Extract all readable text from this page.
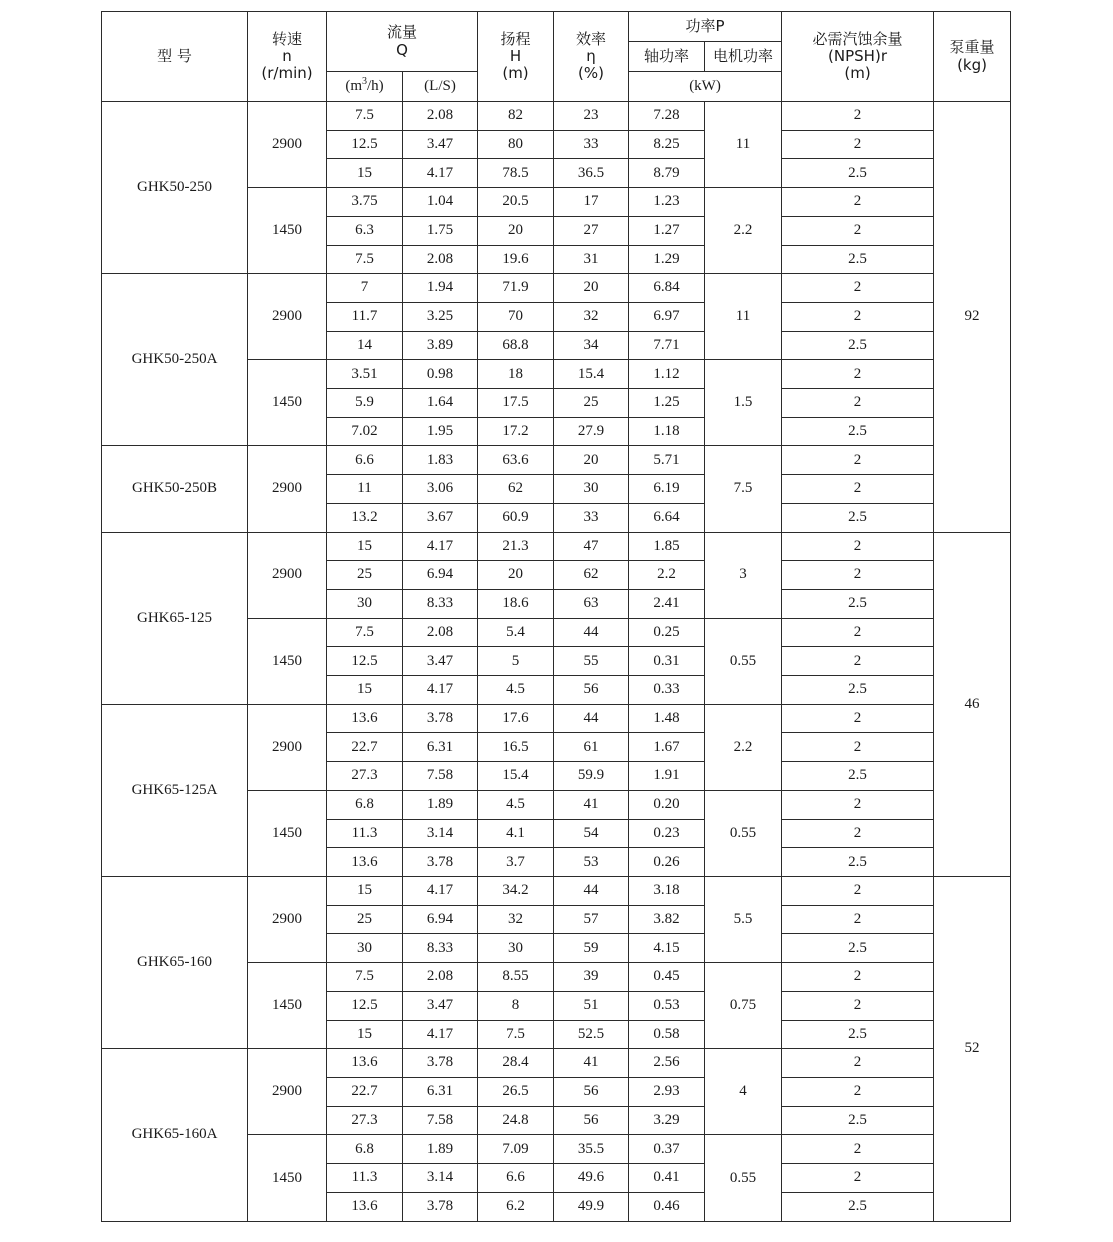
型 号	转速
n
(r/min)	流量
Q		扬程
H
(m)	效率
η
(%)	功率P		必需汽蚀余量
(NPSH)r
(m)	泵重量
(kg)

						轴功率	电机功率		
		$(m^3/h)$	(L/S)			(kW)			
GHK50-250	2900	7.5	2.08	82	23	7.28	11	2	92
		12.5	3.47	80	33	8.25		2	
		15	4.17	78.5	36.5	8.79		2.5	
	1450	3.75	1.04	20.5	17	1.23	2.2	2	
		6.3	1.75	20	27	1.27		2	
		7.5	2.08	19.6	31	1.29		2.5	
GHK50-250A	2900	7	1.94	71.9	20	6.84	11	2	
		11.7	3.25	70	32	6.97		2	
		14	3.89	68.8	34	7.71		2.5	
	1450	3.51	0.98	18	15.4	1.12	1.5	2	
		5.9	1.64	17.5	25	1.25		2	
		7.02	1.95	17.2	27.9	1.18		2.5	
GHK50-250B	2900	6.6	1.83	63.6	20	5.71	7.5	2	
		11	3.06	62	30	6.19		2	
		13.2	3.67	60.9	33	6.64		2.5	
GHK65-125	2900	15	4.17	21.3	47	1.85	3	2	46
		25	6.94	20	62	2.2		2	
		30	8.33	18.6	63	2.41		2.5	
	1450	7.5	2.08	5.4	44	0.25	0.55	2	
		12.5	3.47	5	55	0.31		2	
		15	4.17	4.5	56	0.33		2.5	
GHK65-125A	2900	13.6	3.78	17.6	44	1.48	2.2	2	
		22.7	6.31	16.5	61	1.67		2	
		27.3	7.58	15.4	59.9	1.91		2.5	
	1450	6.8	1.89	4.5	41	0.20	0.55	2	
		11.3	3.14	4.1	54	0.23		2	
		13.6	3.78	3.7	53	0.26		2.5	
GHK65-160	2900	15	4.17	34.2	44	3.18	5.5	2	52
		25	6.94	32	57	3.82		2	
		30	8.33	30	59	4.15		2.5	
	1450	7.5	2.08	8.55	39	0.45	0.75	2	
		12.5	3.47	8	51	0.53		2	
		15	4.17	7.5	52.5	0.58		2.5	
GHK65-160A	2900	13.6	3.78	28.4	41	2.56	4	2	
		22.7	6.31	26.5	56	2.93		2	
		27.3	7.58	24.8	56	3.29		2.5	
	1450	6.8	1.89	7.09	35.5	0.37	0.55	2	
		11.3	3.14	6.6	49.6	0.41		2	
		13.6	3.78	6.2	49.9	0.46		2.5	
